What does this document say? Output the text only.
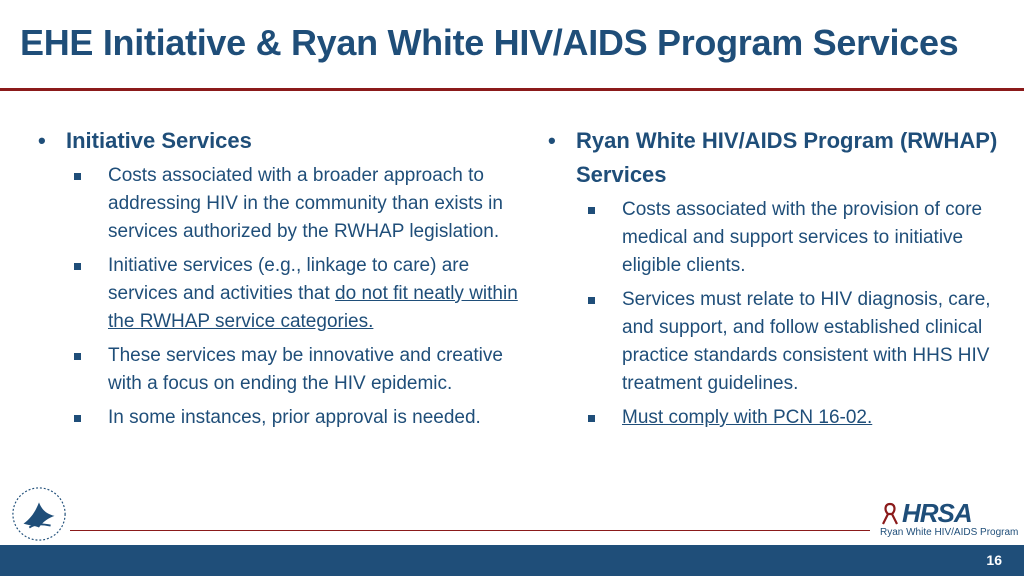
EHE Initiative & Ryan White HIV/AIDS Program Services
• Initiative Services
Costs associated with a broader approach to addressing HIV in the community than exists in services authorized by the RWHAP legislation.
Initiative services (e.g., linkage to care) are services and activities that do not fit neatly within the RWHAP service categories.
These services may be innovative and creative with a focus on ending the HIV epidemic.
In some instances, prior approval is needed.
• Ryan White HIV/AIDS Program (RWHAP) Services
Costs associated with the provision of core medical and support services to initiative eligible clients.
Services must relate to HIV diagnosis, care, and support, and follow established clinical practice standards consistent with HHS HIV treatment guidelines.
Must comply with PCN 16-02.
HRSA
Ryan White HIV/AIDS Program
16
